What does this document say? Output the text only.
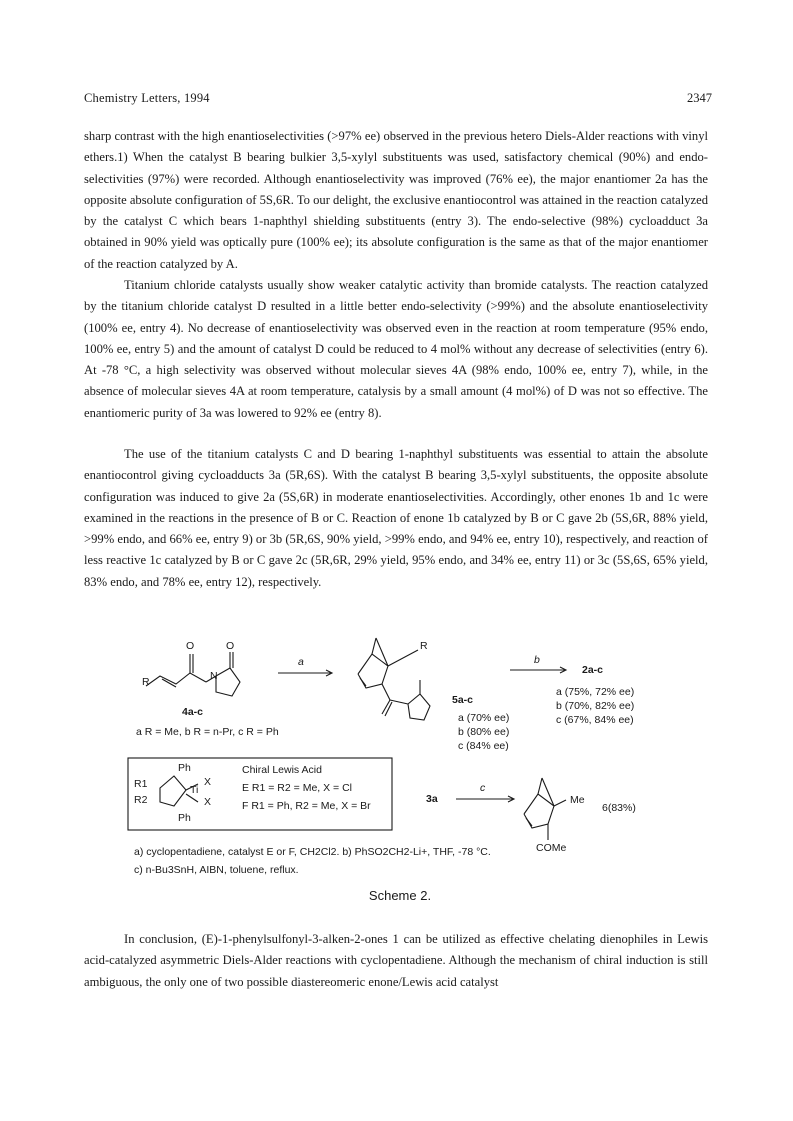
Chemistry Letters, 1994	2347

sharp contrast with the high enantioselectivities (>97% ee) observed in the previous hetero Diels-Alder reactions with vinyl ethers.1) When the catalyst B bearing bulkier 3,5-xylyl substituents was used, satisfactory chemical (90%) and endo-selectivities (97%) were recorded. Although enantioselectivity was improved (76% ee), the major enantiomer 2a has the opposite absolute configuration of 5S,6R. To our delight, the exclusive enantiocontrol was attained in the reaction catalyzed by the catalyst C which bears 1-naphthyl shielding substituents (entry 3). The endo-selective (98%) cycloadduct 3a obtained in 90% yield was optically pure (100% ee); its absolute configuration is the same as that of the major enantiomer of the reaction catalyzed by A.

Titanium chloride catalysts usually show weaker catalytic activity than bromide catalysts. The reaction catalyzed by the titanium chloride catalyst D resulted in a little better endo-selectivity (>99%) and the absolute enantioselectivity (100% ee, entry 4). No decrease of enantioselectivity was observed even in the reaction at room temperature (95% endo, 100% ee, entry 5) and the amount of catalyst D could be reduced to 4 mol% without any decrease of selectivities (entry 6). At -78 °C, a high selectivity was observed without molecular sieves 4A (98% endo, 100% ee, entry 7), while, in the absence of molecular sieves 4A at room temperature, catalysis by a small amount (4 mol%) of D was not so effective. The enantiomeric purity of 3a was lowered to 92% ee (entry 8).

The use of the titanium catalysts C and D bearing 1-naphthyl substituents was essential to attain the absolute enantiocontrol giving cycloadducts 3a (5R,6S). With the catalyst B bearing 3,5-xylyl substituents, the opposite absolute configuration was induced to give 2a (5S,6R) in moderate enantioselectivities. Accordingly, other enones 1b and 1c were examined in the reactions in the presence of B or C. Reaction of enone 1b catalyzed by B or C gave 2b (5S,6R, 88% yield, >99% endo, and 66% ee, entry 9) or 3b (5R,6S, 90% yield, >99% endo, and 94% ee, entry 10), respectively, and reaction of less reactive 1c catalyzed by B or C gave 2c (5R,6R, 29% yield, 95% endo, and 34% ee, entry 11) or 3c (5S,6S, 65% yield, 83% endo, and 78% ee, entry 12), respectively.

R
O	O
N
4a-c
a R = Me, b R = n-Pr, c R = Ph
a
R
5a-c
a (70% ee)
b (80% ee)
c (84% ee)
b
2a-c
a (75%, 72% ee)
b (70%, 82% ee)
c (67%, 84% ee)
Ph
R1
R2
Ti
X
X
Ph
Chiral Lewis Acid
E R1 = R2 = Me, X = Cl
F R1 = Ph, R2 = Me, X = Br
3a
c
Me
COMe
6(83%)
a) cyclopentadiene, catalyst E or F, CH2Cl2. b) PhSO2CH2-Li+, THF, -78 °C.
c) n-Bu3SnH, AIBN, toluene, reflux.
Scheme 2.

In conclusion, (E)-1-phenylsulfonyl-3-alken-2-ones 1 can be utilized as effective chelating dienophiles in Lewis acid-catalyzed asymmetric Diels-Alder reactions with cyclopentadiene. Although the mechanism of chiral induction is still ambiguous, the only one of two possible diastereomeric enone/Lewis acid catalyst
